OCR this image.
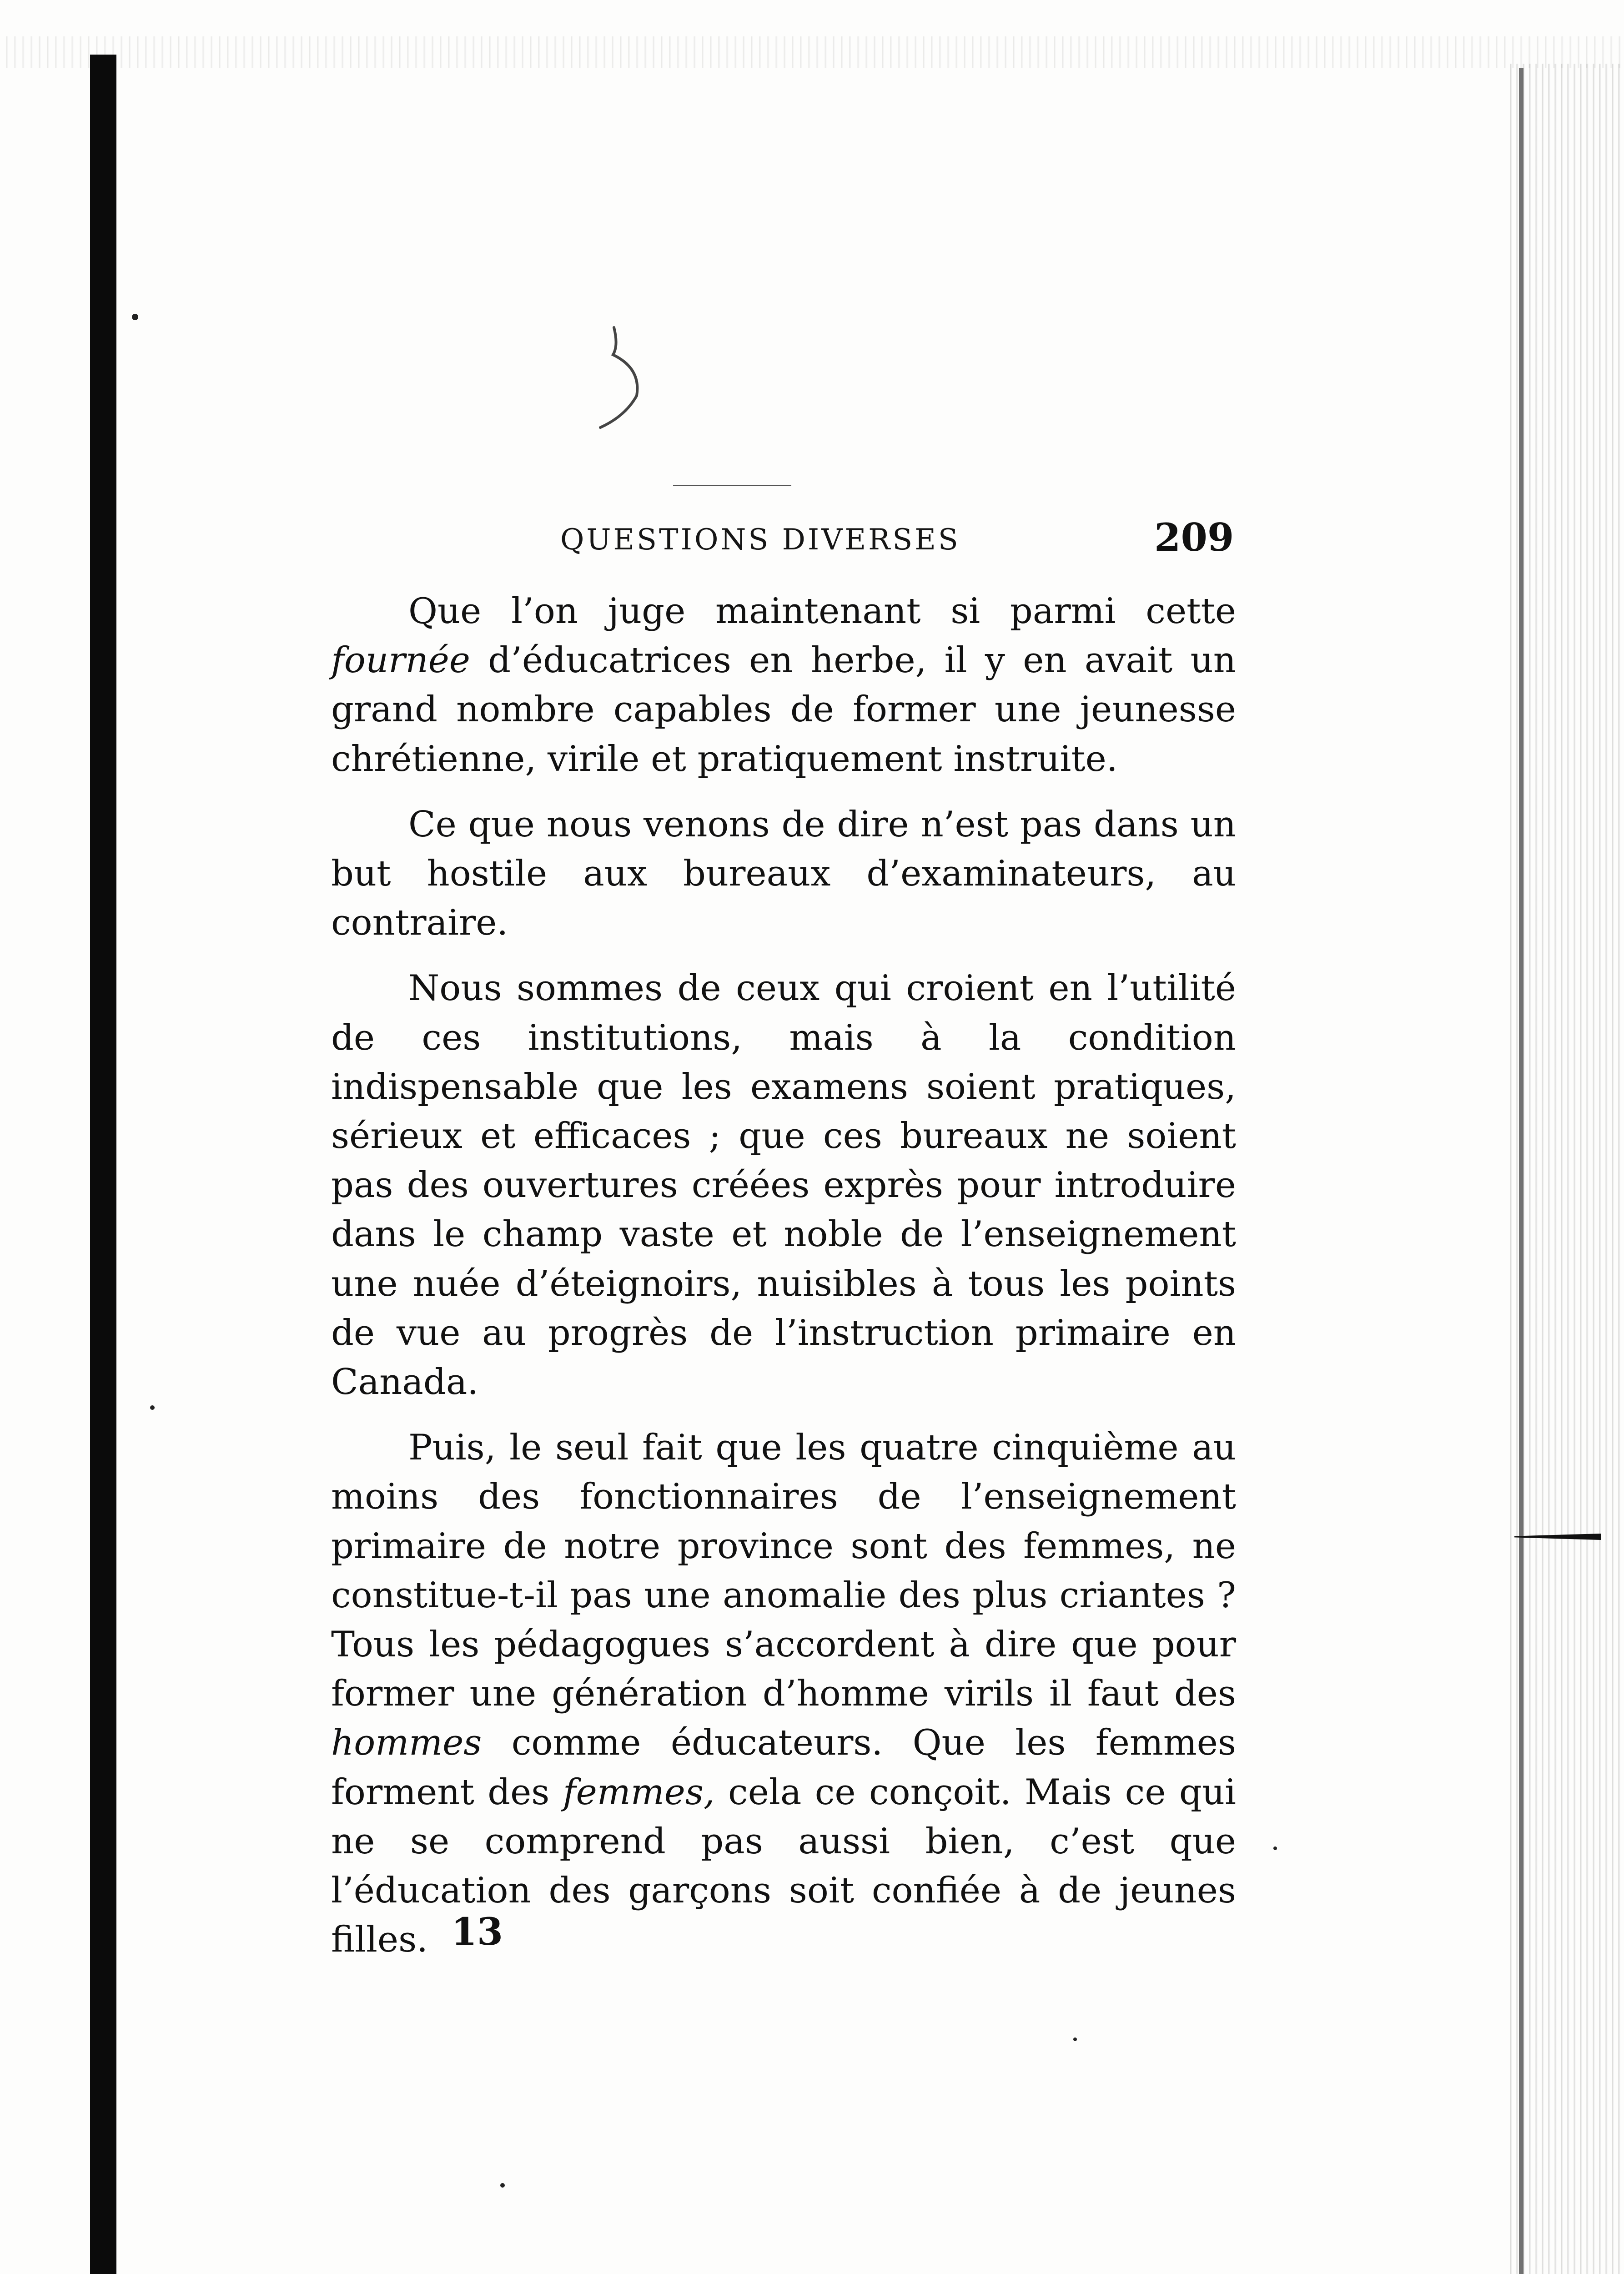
QUESTIONS DIVERSES	209

Que l’on juge maintenant si parmi cette fournée d’éducatrices en herbe, il y en avait un grand nombre capables de former une jeunesse chrétienne, virile et pratiquement instruite.

Ce que nous venons de dire n’est pas dans un but hostile aux bureaux d’examinateurs, au contraire.

Nous sommes de ceux qui croient en l’utilité de ces institutions, mais à la condition indispensable que les examens soient pratiques, sérieux et efficaces ; que ces bureaux ne soient pas des ouvertures créées exprès pour introduire dans le champ vaste et noble de l’enseignement une nuée d’éteignoirs, nuisibles à tous les points de vue au progrès de l’instruction primaire en Canada.

Puis, le seul fait que les quatre cinquième au moins des fonctionnaires de l’enseignement primaire de notre province sont des femmes, ne constitue-t-il pas une anomalie des plus criantes ? Tous les pédagogues s’accordent à dire que pour former une génération d’homme virils il faut des hommes comme éducateurs. Que les femmes forment des femmes, cela ce conçoit. Mais ce qui ne se comprend pas aussi bien, c’est que l’éducation des garçons soit confiée à de jeunes filles. 13
